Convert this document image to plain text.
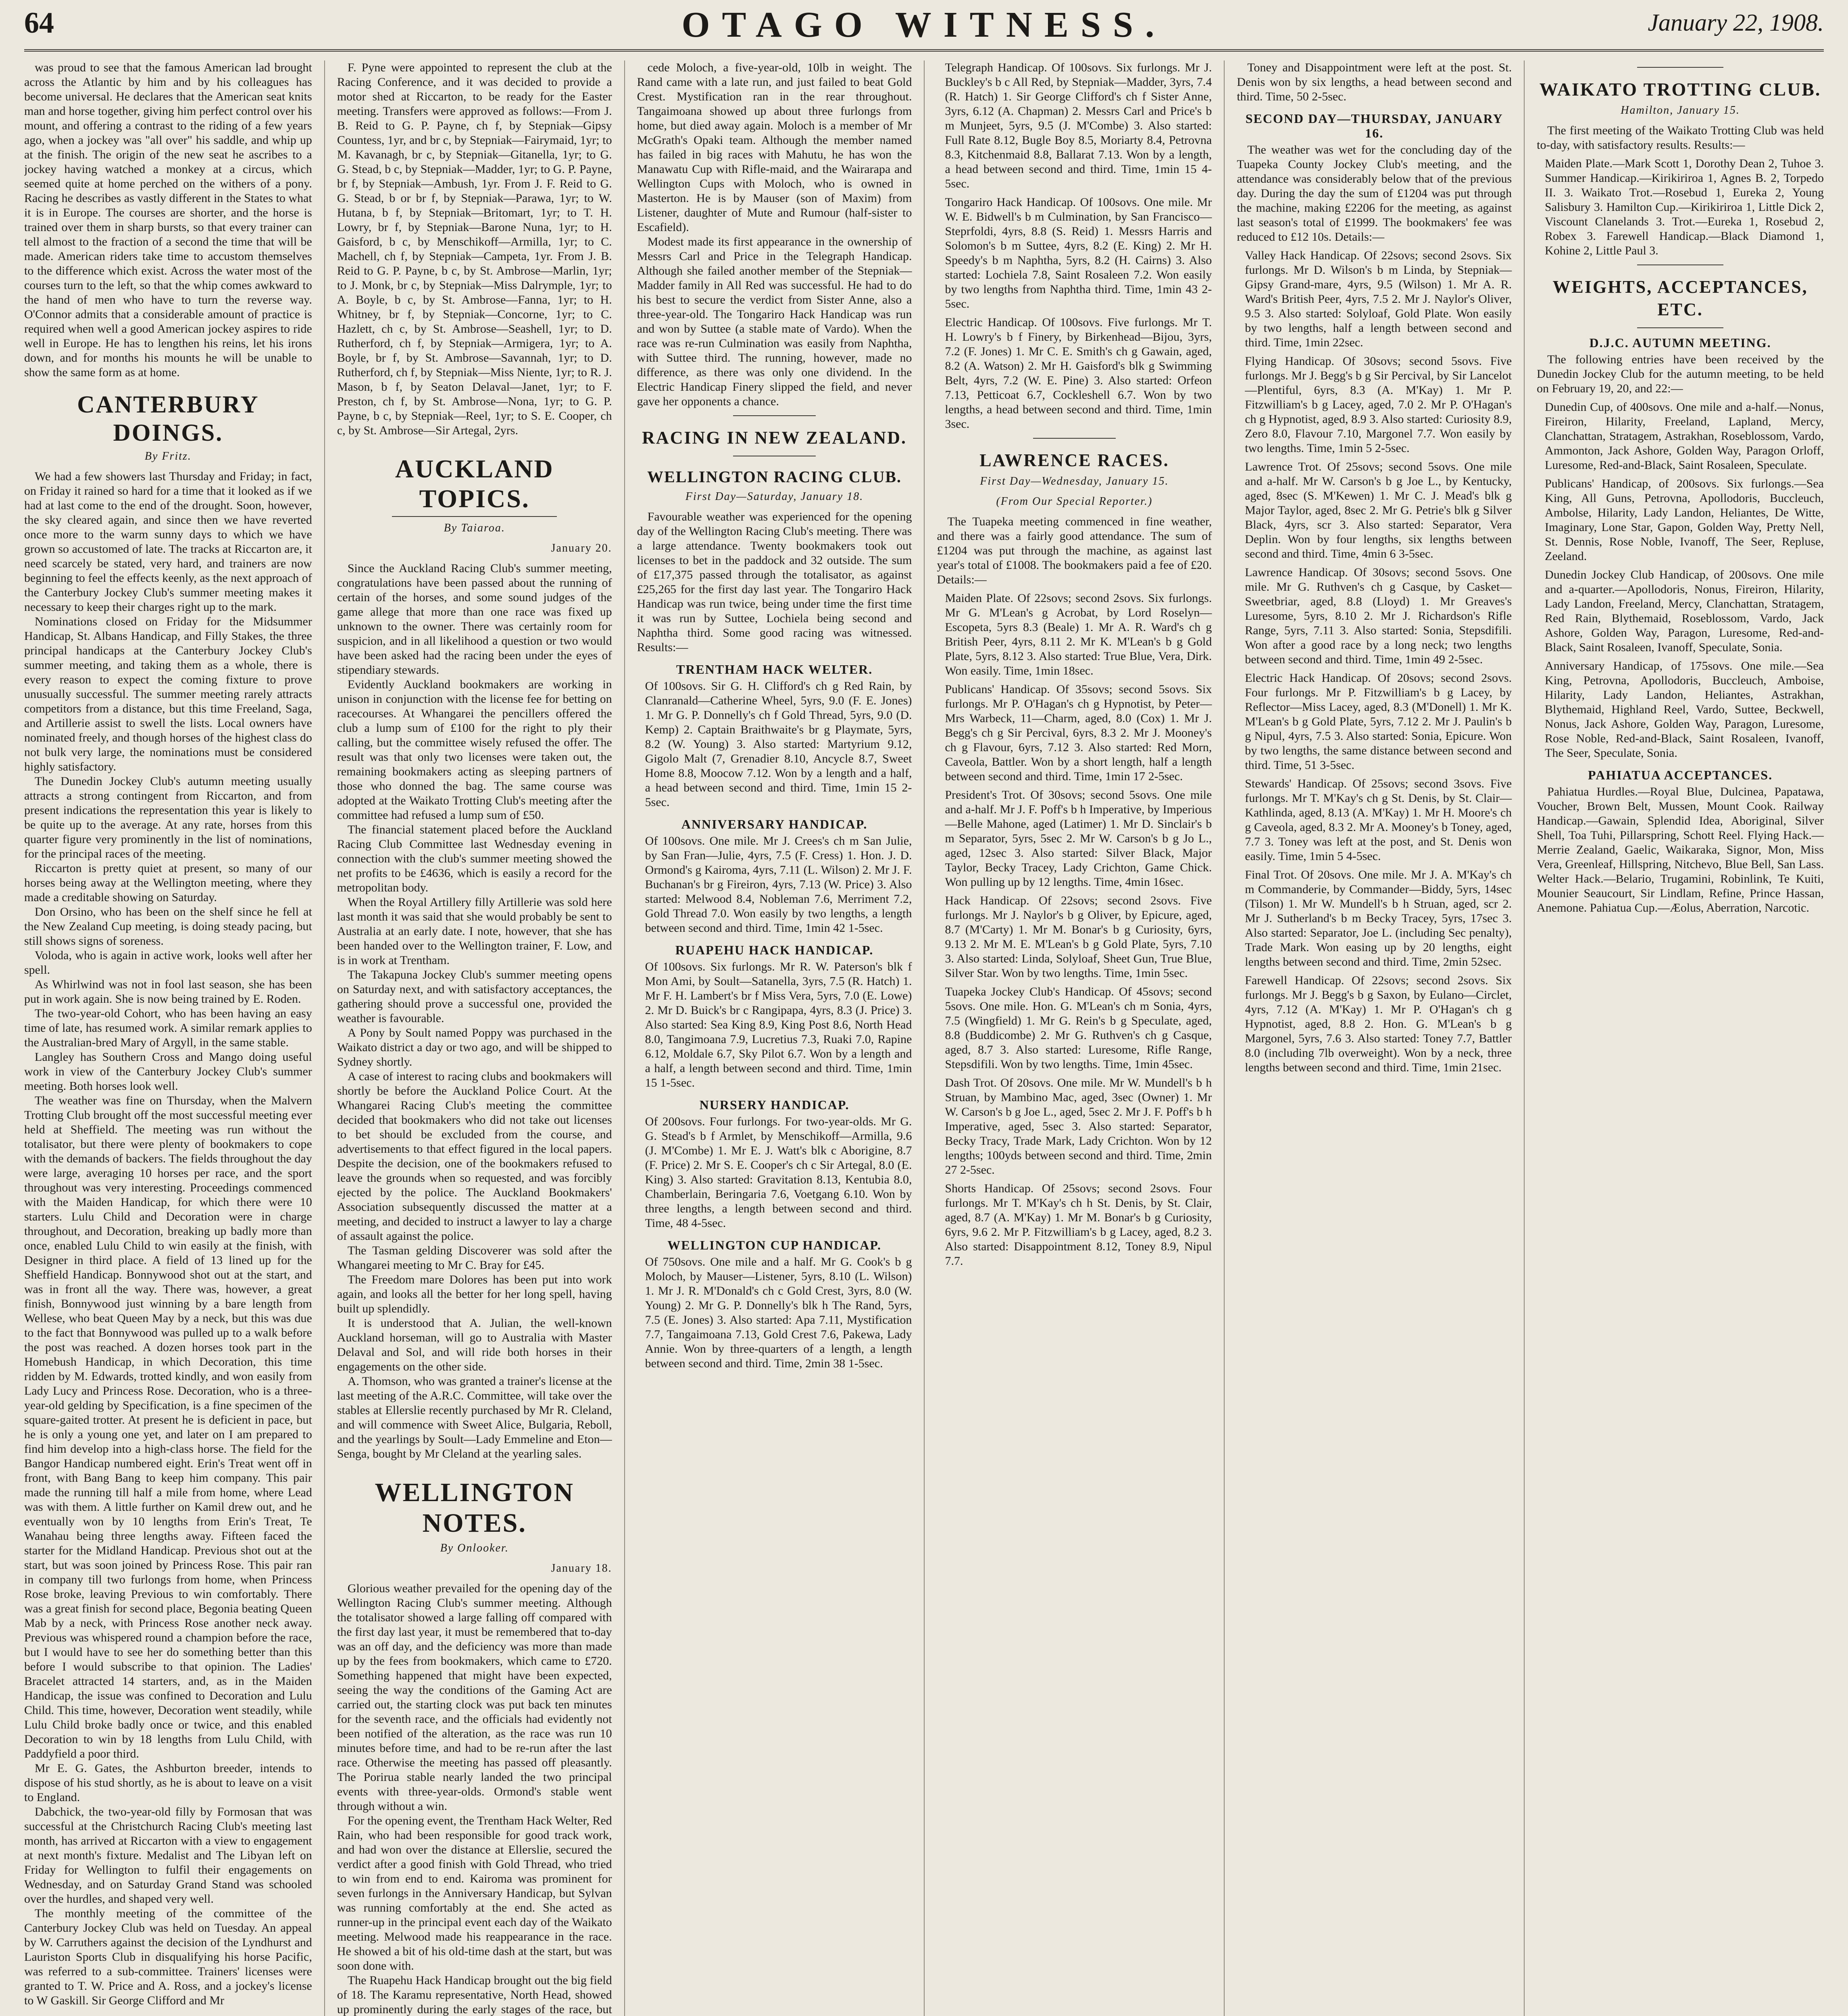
64	OTAGO WITNESS.	January 22, 1908.

was proud to see that the famous American lad brought across the Atlantic by him and by his colleagues has become universal. He declares that the American seat knits man and horse together, giving him perfect control over his mount, and offering a contrast to the riding of a few years ago, when a jockey was "all over" his saddle, and whip up at the finish. The origin of the new seat he ascribes to a jockey having watched a monkey at a circus, which seemed quite at home perched on the withers of a pony. Racing he describes as vastly different in the States to what it is in Europe. The courses are shorter, and the horse is trained over them in sharp bursts, so that every trainer can tell almost to the fraction of a second the time that will be made. American riders take time to accustom themselves to the difference which exist. Across the water most of the courses turn to the left, so that the whip comes awkward to the hand of men who have to turn the reverse way. O'Connor admits that a considerable amount of practice is required when well a good American jockey aspires to ride well in Europe. He has to lengthen his reins, let his irons down, and for months his mounts he will be unable to show the same form as at home.

CANTERBURY DOINGS.
By Fritz.

We had a few showers last Thursday and Friday; in fact, on Friday it rained so hard for a time that it looked as if we had at last come to the end of the drought. Soon, however, the sky cleared again, and since then we have reverted once more to the warm sunny days to which we have grown so accustomed of late. The tracks at Riccarton are, it need scarcely be stated, very hard, and trainers are now beginning to feel the effects keenly, as the next approach of the Canterbury Jockey Club's summer meeting makes it necessary to keep their charges right up to the mark.

Nominations closed on Friday for the Midsummer Handicap, St. Albans Handicap, and Filly Stakes, the three principal handicaps at the Canterbury Jockey Club's summer meeting, and taking them as a whole, there is every reason to expect the coming fixture to prove unusually successful. The summer meeting rarely attracts competitors from a distance, but this time Freeland, Saga, and Artillerie assist to swell the lists. Local owners have nominated freely, and though horses of the highest class do not bulk very large, the nominations must be considered highly satisfactory.

The Dunedin Jockey Club's autumn meeting usually attracts a strong contingent from Riccarton, and from present indications the representation this year is likely to be quite up to the average. At any rate, horses from this quarter figure very prominently in the list of nominations, for the principal races of the meeting.

Riccarton is pretty quiet at present, so many of our horses being away at the Wellington meeting, where they made a creditable showing on Saturday.

Don Orsino, who has been on the shelf since he fell at the New Zealand Cup meeting, is doing steady pacing, but still shows signs of soreness.

Voloda, who is again in active work, looks well after her spell.

As Whirlwind was not in fool last season, she has been put in work again. She is now being trained by E. Roden.

The two-year-old Cohort, who has been having an easy time of late, has resumed work. A similar remark applies to the Australian-bred Mary of Argyll, in the same stable.

Langley has Southern Cross and Mango doing useful work in view of the Canterbury Jockey Club's summer meeting. Both horses look well.

The weather was fine on Thursday, when the Malvern Trotting Club brought off the most successful meeting ever held at Sheffield. The meeting was run without the totalisator, but there were plenty of bookmakers to cope with the demands of backers. The fields throughout the day were large, averaging 10 horses per race, and the sport throughout was very interesting. Proceedings commenced with the Maiden Handicap, for which there were 10 starters. Lulu Child and Decoration were in charge throughout, and Decoration, breaking up badly more than once, enabled Lulu Child to win easily at the finish, with Designer in third place. A field of 13 lined up for the Sheffield Handicap. Bonnywood shot out at the start, and was in front all the way. There was, however, a great finish, Bonnywood just winning by a bare length from Wellese, who beat Queen May by a neck, but this was due to the fact that Bonnywood was pulled up to a walk before the post was reached. A dozen horses took part in the Homebush Handicap, in which Decoration, this time ridden by M. Edwards, trotted kindly, and won easily from Lady Lucy and Princess Rose. Decoration, who is a three-year-old gelding by Specification, is a fine specimen of the square-gaited trotter. At present he is deficient in pace, but he is only a young one yet, and later on I am prepared to find him develop into a high-class horse. The field for the Bangor Handicap numbered eight. Erin's Treat went off in front, with Bang Bang to keep him company. This pair made the running till half a mile from home, where Lead was with them. A little further on Kamil drew out, and he eventually won by 10 lengths from Erin's Treat, Te Wanahau being three lengths away. Fifteen faced the starter for the Midland Handicap. Previous shot out at the start, but was soon joined by Princess Rose. This pair ran in company till two furlongs from home, when Princess Rose broke, leaving Previous to win comfortably. There was a great finish for second place, Begonia beating Queen Mab by a neck, with Princess Rose another neck away. Previous was whispered round a champion before the race, but I would have to see her do something better than this before I would subscribe to that opinion. The Ladies' Bracelet attracted 14 starters, and, as in the Maiden Handicap, the issue was confined to Decoration and Lulu Child. This time, however, Decoration went steadily, while Lulu Child broke badly once or twice, and this enabled Decoration to win by 18 lengths from Lulu Child, with Paddyfield a poor third.

Mr E. G. Gates, the Ashburton breeder, intends to dispose of his stud shortly, as he is about to leave on a visit to England.

Dabchick, the two-year-old filly by Formosan that was successful at the Christchurch Racing Club's meeting last month, has arrived at Riccarton with a view to engagement at next month's fixture. Medalist and The Libyan left on Friday for Wellington to fulfil their engagements on Wednesday, and on Saturday Grand Stand was schooled over the hurdles, and shaped very well.

The monthly meeting of the committee of the Canterbury Jockey Club was held on Tuesday. An appeal by W. Carruthers against the decision of the Lyndhurst and Lauriston Sports Club in disqualifying his horse Pacific, was referred to a sub-committee. Trainers' licenses were granted to T. W. Price and A. Ross, and a jockey's license to W Gaskill. Sir George Clifford and Mr

F. Pyne were appointed to represent the club at the Racing Conference, and it was decided to provide a motor shed at Riccarton, to be ready for the Easter meeting. Transfers were approved as follows:—From J. B. Reid to G. P. Payne, ch f, by Stepniak—Gipsy Countess, 1yr, and br c, by Stepniak—Fairymaid, 1yr; to M. Kavanagh, br c, by Stepniak—Gitanella, 1yr; to G. G. Stead, b c, by Stepniak—Madder, 1yr; to G. P. Payne, br f, by Stepniak—Ambush, 1yr. From J. F. Reid to G. G. Stead, b or br f, by Stepniak—Parawa, 1yr; to W. Hutana, b f, by Stepniak—Britomart, 1yr; to T. H. Lowry, br f, by Stepniak—Barone Nuna, 1yr; to H. Gaisford, b c, by Menschikoff—Armilla, 1yr; to C. Machell, ch f, by Stepniak—Campeta, 1yr. From J. B. Reid to G. P. Payne, b c, by St. Ambrose—Marlin, 1yr; to J. Monk, br c, by Stepniak—Miss Dalrymple, 1yr; to A. Boyle, b c, by St. Ambrose—Fanna, 1yr; to H. Whitney, br f, by Stepniak—Concorne, 1yr; to C. Hazlett, ch c, by St. Ambrose—Seashell, 1yr; to D. Rutherford, ch f, by Stepniak—Armigera, 1yr; to A. Boyle, br f, by St. Ambrose—Savannah, 1yr; to D. Rutherford, ch f, by Stepniak—Miss Niente, 1yr; to R. J. Mason, b f, by Seaton Delaval—Janet, 1yr; to F. Preston, ch f, by St. Ambrose—Nona, 1yr; to G. P. Payne, b c, by Stepniak—Reel, 1yr; to S. E. Cooper, ch c, by St. Ambrose—Sir Artegal, 2yrs.

AUCKLAND TOPICS.
By Taiaroa.
January 20.

Since the Auckland Racing Club's summer meeting, congratulations have been passed about the running of certain of the horses, and some sound judges of the game allege that more than one race was fixed up unknown to the owner. There was certainly room for suspicion, and in all likelihood a question or two would have been asked had the racing been under the eyes of stipendiary stewards.

Evidently Auckland bookmakers are working in unison in conjunction with the license fee for betting on racecourses. At Whangarei the pencillers offered the club a lump sum of £100 for the right to ply their calling, but the committee wisely refused the offer. The result was that only two licenses were taken out, the remaining bookmakers acting as sleeping partners of those who donned the bag. The same course was adopted at the Waikato Trotting Club's meeting after the committee had refused a lump sum of £50.

The financial statement placed before the Auckland Racing Club Committee last Wednesday evening in connection with the club's summer meeting showed the net profits to be £4636, which is easily a record for the metropolitan body.

When the Royal Artillery filly Artillerie was sold here last month it was said that she would probably be sent to Australia at an early date. I note, however, that she has been handed over to the Wellington trainer, F. Low, and is in work at Trentham.

The Takapuna Jockey Club's summer meeting opens on Saturday next, and with satisfactory acceptances, the gathering should prove a successful one, provided the weather is favourable.

A Pony by Soult named Poppy was purchased in the Waikato district a day or two ago, and will be shipped to Sydney shortly.

A case of interest to racing clubs and bookmakers will shortly be before the Auckland Police Court. At the Whangarei Racing Club's meeting the committee decided that bookmakers who did not take out licenses to bet should be excluded from the course, and advertisements to that effect figured in the local papers. Despite the decision, one of the bookmakers refused to leave the grounds when so requested, and was forcibly ejected by the police. The Auckland Bookmakers' Association subsequently discussed the matter at a meeting, and decided to instruct a lawyer to lay a charge of assault against the police.

The Tasman gelding Discoverer was sold after the Whangarei meeting to Mr C. Bray for £45.

The Freedom mare Dolores has been put into work again, and looks all the better for her long spell, having built up splendidly.

It is understood that A. Julian, the well-known Auckland horseman, will go to Australia with Master Delaval and Sol, and will ride both horses in their engagements on the other side.

A. Thomson, who was granted a trainer's license at the last meeting of the A.R.C. Committee, will take over the stables at Ellerslie recently purchased by Mr R. Cleland, and will commence with Sweet Alice, Bulgaria, Reboll, and the yearlings by Soult—Lady Emmeline and Eton—Senga, bought by Mr Cleland at the yearling sales.

WELLINGTON NOTES.
By Onlooker.
January 18.

Glorious weather prevailed for the opening day of the Wellington Racing Club's summer meeting. Although the totalisator showed a large falling off compared with the first day last year, it must be remembered that to-day was an off day, and the deficiency was more than made up by the fees from bookmakers, which came to £720. Something happened that might have been expected, seeing the way the conditions of the Gaming Act are carried out, the starting clock was put back ten minutes for the seventh race, and the officials had evidently not been notified of the alteration, as the race was run 10 minutes before time, and had to be re-run after the last race. Otherwise the meeting has passed off pleasantly. The Porirua stable nearly landed the two principal events with three-year-olds. Ormond's stable went through without a win.

For the opening event, the Trentham Hack Welter, Red Rain, who had been responsible for good track work, and had won over the distance at Ellerslie, secured the verdict after a good finish with Gold Thread, who tried to win from end to end. Kairoma was prominent for seven furlongs in the Anniversary Handicap, but Sylvan was running comfortably at the end. She acted as runner-up in the principal event each day of the Waikato meeting. Melwood made his reappearance in the race. He showed a bit of his old-time dash at the start, but was soon done with.

The Ruapehu Hack Handicap brought out the big field of 18. The Karamu representative, North Head, showed up prominently during the early stages of the race, but

cede Moloch, a five-year-old, 10lb in weight. The Rand came with a late run, and just failed to beat Gold Crest. Mystification ran in the rear throughout. Tangaimoana showed up about three furlongs from home, but died away again. Moloch is a member of Mr McGrath's Opaki team. Although the member named has failed in big races with Mahutu, he has won the Manawatu Cup with Rifle-maid, and the Wairarapa and Wellington Cups with Moloch, who is owned in Masterton. He is by Mauser (son of Maxim) from Listener, daughter of Mute and Rumour (half-sister to Escafield).

Modest made its first appearance in the ownership of Messrs Carl and Price in the Telegraph Handicap. Although she failed another member of the Stepniak—Madder family in All Red was successful. He had to do his best to secure the verdict from Sister Anne, also a three-year-old. The Tongariro Hack Handicap was run and won by Suttee (a stable mate of Vardo). When the race was re-run Culmination was easily from Naphtha, with Suttee third. The running, however, made no difference, as there was only one dividend. In the Electric Handicap Finery slipped the field, and never gave her opponents a chance.

RACING IN NEW ZEALAND.
WELLINGTON RACING CLUB.
First Day—Saturday, January 18.

Favourable weather was experienced for the opening day of the Wellington Racing Club's meeting. There was a large attendance. Twenty bookmakers took out licenses to bet in the paddock and 32 outside. The sum of £17,375 passed through the totalisator, as against £25,265 for the first day last year. The Tongariro Hack Handicap was run twice, being under time the first time it was run by Suttee, Lochiela being second and Naphtha third. Some good racing was witnessed. Results:—

TRENTHAM HACK WELTER.

Of 100sovs. Sir G. H. Clifford's ch g Red Rain, by Clanranald—Catherine Wheel, 5yrs, 9.0 (F. E. Jones) 1. Mr G. P. Donnelly's ch f Gold Thread, 5yrs, 9.0 (D. Kemp) 2. Captain Braithwaite's br g Playmate, 5yrs, 8.2 (W. Young) 3. Also started: Martyrium 9.12, Gigolo Malt (7, Grenadier 8.10, Ancycle 8.7, Sweet Home 8.8, Moocow 7.12. Won by a length and a half, a head between second and third. Time, 1min 15 2-5sec.

ANNIVERSARY HANDICAP.

Of 100sovs. One mile. Mr J. Crees's ch m San Julie, by San Fran—Julie, 4yrs, 7.5 (F. Cress) 1. Hon. J. D. Ormond's g Kairoma, 4yrs, 7.11 (L. Wilson) 2. Mr J. F. Buchanan's br g Fireiron, 4yrs, 7.13 (W. Price) 3. Also started: Melwood 8.4, Nobleman 7.6, Merriment 7.2, Gold Thread 7.0. Won easily by two lengths, a length between second and third. Time, 1min 42 1-5sec.

RUAPEHU HACK HANDICAP.

Of 100sovs. Six furlongs. Mr R. W. Paterson's blk f Mon Ami, by Soult—Satanella, 3yrs, 7.5 (R. Hatch) 1. Mr F. H. Lambert's br f Miss Vera, 5yrs, 7.0 (E. Lowe) 2. Mr D. Buick's br c Rangipapa, 4yrs, 8.3 (J. Price) 3. Also started: Sea King 8.9, King Post 8.6, North Head 8.0, Tangimoana 7.9, Lucretius 7.3, Ruaki 7.0, Rapine 6.12, Moldale 6.7, Sky Pilot 6.7. Won by a length and a half, a length between second and third. Time, 1min 15 1-5sec.

NURSERY HANDICAP.

Of 200sovs. Four furlongs. For two-year-olds. Mr G. G. Stead's b f Armlet, by Menschikoff—Armilla, 9.6 (J. M'Combe) 1. Mr E. J. Watt's blk c Aborigine, 8.7 (F. Price) 2. Mr S. E. Cooper's ch c Sir Artegal, 8.0 (E. King) 3. Also started: Gravitation 8.13, Kentubia 8.0, Chamberlain, Beringaria 7.6, Voetgang 6.10. Won by three lengths, a length between second and third. Time, 48 4-5sec.

WELLINGTON CUP HANDICAP.

Of 750sovs. One mile and a half. Mr G. Cook's b g Moloch, by Mauser—Listener, 5yrs, 8.10 (L. Wilson) 1. Mr J. R. M'Donald's ch c Gold Crest, 3yrs, 8.0 (W. Young) 2. Mr G. P. Donnelly's blk h The Rand, 5yrs, 7.5 (E. Jones) 3. Also started: Apa 7.11, Mystification 7.7, Tangaimoana 7.13, Gold Crest 7.6, Pakewa, Lady Annie. Won by three-quarters of a length, a length between second and third. Time, 2min 38 1-5sec.

Telegraph Handicap. Of 100sovs. Six furlongs. Mr J. Buckley's b c All Red, by Stepniak—Madder, 3yrs, 7.4 (R. Hatch) 1. Sir George Clifford's ch f Sister Anne, 3yrs, 6.12 (A. Chapman) 2. Messrs Carl and Price's b m Munjeet, 5yrs, 9.5 (J. M'Combe) 3. Also started: Full Rate 8.12, Bugle Boy 8.5, Moriarty 8.4, Petrovna 8.3, Kitchenmaid 8.8, Ballarat 7.13. Won by a length, a head between second and third. Time, 1min 15 4-5sec.

Tongariro Hack Handicap. Of 100sovs. One mile. Mr W. E. Bidwell's b m Culmination, by San Francisco—Steprfoldi, 4yrs, 8.8 (S. Reid) 1. Messrs Harris and Solomon's b m Suttee, 4yrs, 8.2 (E. King) 2. Mr H. Speedy's b m Naphtha, 5yrs, 8.2 (H. Cairns) 3. Also started: Lochiela 7.8, Saint Rosaleen 7.2. Won easily by two lengths from Naphtha third. Time, 1min 43 2-5sec.

Electric Handicap. Of 100sovs. Five furlongs. Mr T. H. Lowry's b f Finery, by Birkenhead—Bijou, 3yrs, 7.2 (F. Jones) 1. Mr C. E. Smith's ch g Gawain, aged, 8.2 (A. Watson) 2. Mr H. Gaisford's blk g Swimming Belt, 4yrs, 7.2 (W. E. Pine) 3. Also started: Orfeon 7.13, Petticoat 6.7, Cockleshell 6.7. Won by two lengths, a head between second and third. Time, 1min 3sec.

LAWRENCE RACES.
First Day—Wednesday, January 15.
(From Our Special Reporter.)

The Tuapeka meeting commenced in fine weather, and there was a fairly good attendance. The sum of £1204 was put through the machine, as against last year's total of £1008. The bookmakers paid a fee of £20. Details:—

Maiden Plate. Of 22sovs; second 2sovs. Six furlongs. Mr G. M'Lean's g Acrobat, by Lord Roselyn—Escopeta, 5yrs 8.3 (Beale) 1. Mr A. R. Ward's ch g British Peer, 4yrs, 8.11 2. Mr K. M'Lean's b g Gold Plate, 5yrs, 8.12 3. Also started: True Blue, Vera, Dirk. Won easily. Time, 1min 18sec.

Publicans' Handicap. Of 35sovs; second 5sovs. Six furlongs. Mr P. O'Hagan's ch g Hypnotist, by Peter—Mrs Warbeck, 11—Charm, aged, 8.0 (Cox) 1. Mr J. Begg's ch g Sir Percival, 6yrs, 8.3 2. Mr J. Mooney's ch g Flavour, 6yrs, 7.12 3. Also started: Red Morn, Caveola, Battler. Won by a short length, half a length between second and third. Time, 1min 17 2-5sec.

President's Trot. Of 30sovs; second 5sovs. One mile and a-half. Mr J. F. Poff's b h Imperative, by Imperious—Belle Mahone, aged (Latimer) 1. Mr D. Sinclair's b m Separator, 5yrs, 5sec 2. Mr W. Carson's b g Jo L., aged, 12sec 3. Also started: Silver Black, Major Taylor, Becky Tracey, Lady Crichton, Game Chick. Won pulling up by 12 lengths. Time, 4min 16sec.

Hack Handicap. Of 22sovs; second 2sovs. Five furlongs. Mr J. Naylor's b g Oliver, by Epicure, aged, 8.7 (M'Carty) 1. Mr M. Bonar's b g Curiosity, 6yrs, 9.13 2. Mr M. E. M'Lean's b g Gold Plate, 5yrs, 7.10 3. Also started: Linda, Solyloaf, Sheet Gun, True Blue, Silver Star. Won by two lengths. Time, 1min 5sec.

Tuapeka Jockey Club's Handicap. Of 45sovs; second 5sovs. One mile. Hon. G. M'Lean's ch m Sonia, 4yrs, 7.5 (Wingfield) 1. Mr G. Rein's b g Speculate, aged, 8.8 (Buddicombe) 2. Mr G. Ruthven's ch g Casque, aged, 8.7 3. Also started: Luresome, Rifle Range, Stepsdifili. Won by two lengths. Time, 1min 45sec.

Dash Trot. Of 20sovs. One mile. Mr W. Mundell's b h Struan, by Mambino Mac, aged, 3sec (Owner) 1. Mr W. Carson's b g Joe L., aged, 5sec 2. Mr J. F. Poff's b h Imperative, aged, 5sec 3. Also started: Separator, Becky Tracy, Trade Mark, Lady Crichton. Won by 12 lengths; 100yds between second and third. Time, 2min 27 2-5sec.

Shorts Handicap. Of 25sovs; second 2sovs. Four furlongs. Mr T. M'Kay's ch h St. Denis, by St. Clair, aged, 8.7 (A. M'Kay) 1. Mr M. Bonar's b g Curiosity, 6yrs, 9.6 2. Mr P. Fitzwilliam's b g Lacey, aged, 8.2 3. Also started: Disappointment 8.12, Toney 8.9, Nipul 7.7.

Toney and Disappointment were left at the post. St. Denis won by six lengths, a head between second and third. Time, 50 2-5sec.

SECOND DAY—THURSDAY, JANUARY 16.

The weather was wet for the concluding day of the Tuapeka County Jockey Club's meeting, and the attendance was considerably below that of the previous day. During the day the sum of £1204 was put through the machine, making £2206 for the meeting, as against last season's total of £1999. The bookmakers' fee was reduced to £12 10s. Details:—

Valley Hack Handicap. Of 22sovs; second 2sovs. Six furlongs. Mr D. Wilson's b m Linda, by Stepniak—Gipsy Grand-mare, 4yrs, 9.5 (Wilson) 1. Mr A. R. Ward's British Peer, 4yrs, 7.5 2. Mr J. Naylor's Oliver, 9.5 3. Also started: Solyloaf, Gold Plate. Won easily by two lengths, half a length between second and third. Time, 1min 22sec.

Flying Handicap. Of 30sovs; second 5sovs. Five furlongs. Mr J. Begg's b g Sir Percival, by Sir Lancelot—Plentiful, 6yrs, 8.3 (A. M'Kay) 1. Mr P. Fitzwilliam's b g Lacey, aged, 7.0 2. Mr P. O'Hagan's ch g Hypnotist, aged, 8.9 3. Also started: Curiosity 8.9, Zero 8.0, Flavour 7.10, Margonel 7.7. Won easily by two lengths. Time, 1min 5 2-5sec.

Lawrence Trot. Of 25sovs; second 5sovs. One mile and a-half. Mr W. Carson's b g Joe L., by Kentucky, aged, 8sec (S. M'Kewen) 1. Mr C. J. Mead's blk g Major Taylor, aged, 8sec 2. Mr G. Petrie's blk g Silver Black, 4yrs, scr 3. Also started: Separator, Vera Deplin. Won by four lengths, six lengths between second and third. Time, 4min 6 3-5sec.

Lawrence Handicap. Of 30sovs; second 5sovs. One mile. Mr G. Ruthven's ch g Casque, by Casket—Sweetbriar, aged, 8.8 (Lloyd) 1. Mr Greaves's Luresome, 5yrs, 8.10 2. Mr J. Richardson's Rifle Range, 5yrs, 7.11 3. Also started: Sonia, Stepsdifili. Won after a good race by a long neck; two lengths between second and third. Time, 1min 49 2-5sec.

Electric Hack Handicap. Of 20sovs; second 2sovs. Four furlongs. Mr P. Fitzwilliam's b g Lacey, by Reflector—Miss Lacey, aged, 8.3 (M'Donell) 1. Mr K. M'Lean's b g Gold Plate, 5yrs, 7.12 2. Mr J. Paulin's b g Nipul, 4yrs, 7.5 3. Also started: Sonia, Epicure. Won by two lengths, the same distance between second and third. Time, 51 3-5sec.

Stewards' Handicap. Of 25sovs; second 3sovs. Five furlongs. Mr T. M'Kay's ch g St. Denis, by St. Clair—Kathlinda, aged, 8.13 (A. M'Kay) 1. Mr H. Moore's ch g Caveola, aged, 8.3 2. Mr A. Mooney's b Toney, aged, 7.7 3. Toney was left at the post, and St. Denis won easily. Time, 1min 5 4-5sec.

Final Trot. Of 20sovs. One mile. Mr J. A. M'Kay's ch m Commanderie, by Commander—Biddy, 5yrs, 14sec (Tilson) 1. Mr W. Mundell's b h Struan, aged, scr 2. Mr J. Sutherland's b m Becky Tracey, 5yrs, 17sec 3. Also started: Separator, Joe L. (including Sec penalty), Trade Mark. Won easing up by 20 lengths, eight lengths between second and third. Time, 2min 52sec.

Farewell Handicap. Of 22sovs; second 2sovs. Six furlongs. Mr J. Begg's b g Saxon, by Eulano—Circlet, 4yrs, 7.12 (A. M'Kay) 1. Mr P. O'Hagan's ch g Hypnotist, aged, 8.8 2. Hon. G. M'Lean's b g Margonel, 5yrs, 7.6 3. Also started: Toney 7.7, Battler 8.0 (including 7lb overweight). Won by a neck, three lengths between second and third. Time, 1min 21sec.

WAIKATO TROTTING CLUB.
Hamilton, January 15.

The first meeting of the Waikato Trotting Club was held to-day, with satisfactory results. Results:—

Maiden Plate.—Mark Scott 1, Dorothy Dean 2, Tuhoe 3. Summer Handicap.—Kirikiriroa 1, Agnes B. 2, Torpedo II. 3. Waikato Trot.—Rosebud 1, Eureka 2, Young Salisbury 3. Hamilton Cup.—Kirikiriroa 1, Little Dick 2, Viscount Clanelands 3. Trot.—Eureka 1, Rosebud 2, Robex 3. Farewell Handicap.—Black Diamond 1, Kohine 2, Little Paul 3.

WEIGHTS, ACCEPTANCES, ETC.
D.J.C. AUTUMN MEETING.

The following entries have been received by the Dunedin Jockey Club for the autumn meeting, to be held on February 19, 20, and 22:—

Dunedin Cup, of 400sovs. One mile and a-half.—Nonus, Fireiron, Hilarity, Freeland, Lapland, Mercy, Clanchattan, Stratagem, Astrakhan, Roseblossom, Vardo, Ammonton, Jack Ashore, Golden Way, Paragon Orloff, Luresome, Red-and-Black, Saint Rosaleen, Speculate.

Publicans' Handicap, of 200sovs. Six furlongs.—Sea King, All Guns, Petrovna, Apollodoris, Buccleuch, Ambolse, Hilarity, Lady Landon, Heliantes, De Witte, Imaginary, Lone Star, Gapon, Golden Way, Pretty Nell, St. Dennis, Rose Noble, Ivanoff, The Seer, Repluse, Zeeland.

Dunedin Jockey Club Handicap, of 200sovs. One mile and a-quarter.—Apollodoris, Nonus, Fireiron, Hilarity, Lady Landon, Freeland, Mercy, Clanchattan, Stratagem, Red Rain, Blythemaid, Roseblossom, Vardo, Jack Ashore, Golden Way, Paragon, Luresome, Red-and-Black, Saint Rosaleen, Ivanoff, Speculate, Sonia.

Anniversary Handicap, of 175sovs. One mile.—Sea King, Petrovna, Apollodoris, Buccleuch, Amboise, Hilarity, Lady Landon, Heliantes, Astrakhan, Blythemaid, Highland Reel, Vardo, Suttee, Beckwell, Nonus, Jack Ashore, Golden Way, Paragon, Luresome, Rose Noble, Red-and-Black, Saint Rosaleen, Ivanoff, The Seer, Speculate, Sonia.

PAHIATUA ACCEPTANCES.

Pahiatua Hurdles.—Royal Blue, Dulcinea, Papatawa, Voucher, Brown Belt, Mussen, Mount Cook. Railway Handicap.—Gawain, Splendid Idea, Aboriginal, Silver Shell, Toa Tuhi, Pillarspring, Schott Reel. Flying Hack.—Merrie Zealand, Gaelic, Waikaraka, Signor, Mon, Miss Vera, Greenleaf, Hillspring, Nitchevo, Blue Bell, San Lass. Welter Hack.—Belario, Trugamini, Robinlink, Te Kuiti, Mounier Seaucourt, Sir Lindlam, Refine, Prince Hassan, Anemone. Pahiatua Cup.—Æolus, Aberration, Narcotic.
